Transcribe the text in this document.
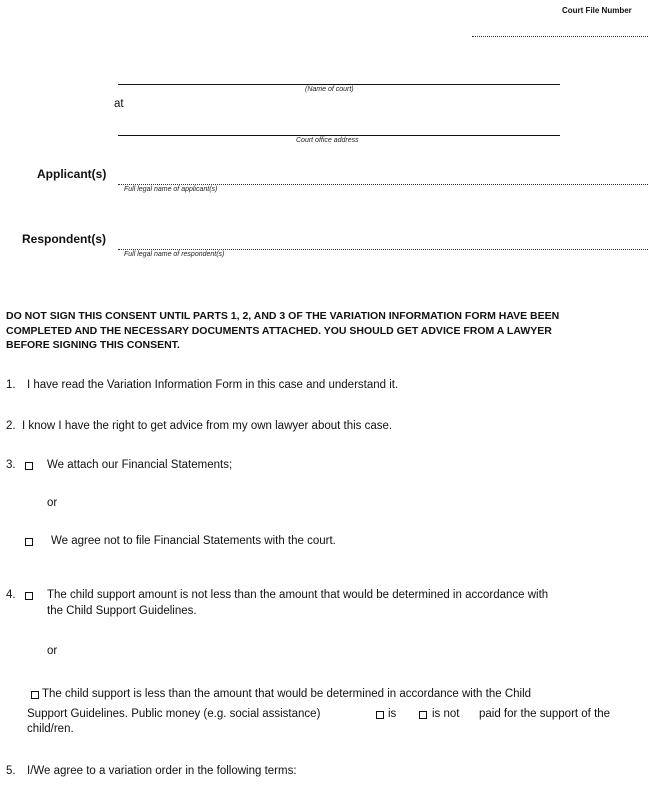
Court File Number
(Name of court)
at
Court office address
Applicant(s)
Full legal name of applicant(s)
Respondent(s)
Full legal name of respondent(s)
DO NOT SIGN THIS CONSENT UNTIL PARTS 1, 2, AND 3 OF THE VARIATION INFORMATION FORM HAVE BEEN
COMPLETED AND THE NECESSARY DOCUMENTS ATTACHED. YOU SHOULD GET ADVICE FROM A LAWYER
BEFORE SIGNING THIS CONSENT.
1. I have read the Variation Information Form in this case and understand it.
2. I know I have the right to get advice from my own lawyer about this case.
3.	We attach our Financial Statements;
or
We agree not to file Financial Statements with the court.
4.	The child support amount is not less than the amount that would be determined in accordance with
the Child Support Guidelines.
or
The child support is less than the amount that would be determined in accordance with the Child
Support Guidelines. Public money (e.g. social assistance)	is	is not paid for the support of the
child/ren.
5. I/We agree to a variation order in the following terms:
